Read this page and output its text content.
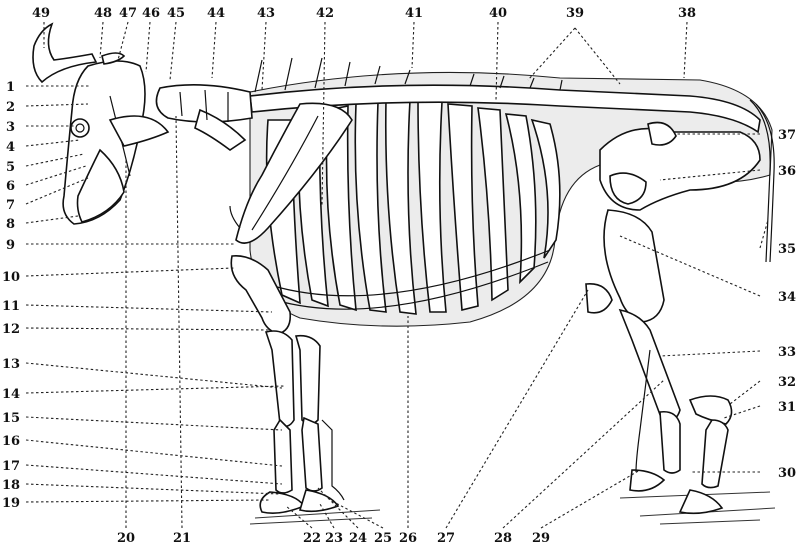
49	48 47 46 45 44 43	42	41	40	39	38
1
2
3
4
5
6
7
8
9
10
11
12
13
14
15
16
17
18
19
20	21	22 23 24 25 26 27	28 29
37
36
35
34
33
32
31
30
